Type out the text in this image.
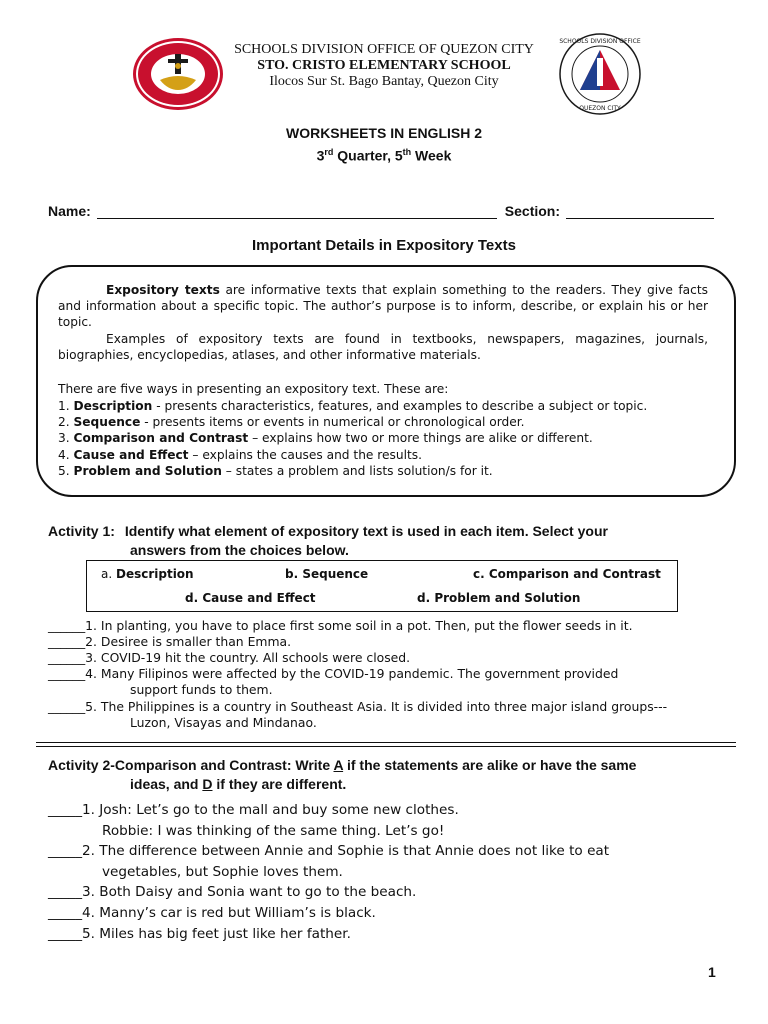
SCHOOLS DIVISION OFFICE
QUEZON CITY
SCHOOLS DIVISION OFFICE OF QUEZON CITY
STO. CRISTO ELEMENTARY SCHOOL
Ilocos Sur St. Bago Bantay, Quezon City
WORKSHEETS IN ENGLISH 2
3rd Quarter, 5th Week
Name:	Section:
Important Details in Expository Texts
Expository texts are informative texts that explain something to the readers. They give facts and information about a specific topic. The author’s purpose is to inform, describe, or explain his or her topic.
Examples of expository texts are found in textbooks, newspapers, magazines, journals, biographies, encyclopedias, atlases, and other informative materials.
There are five ways in presenting an expository text. These are:
1. Description - presents characteristics, features, and examples to describe a subject or topic.
2. Sequence - presents items or events in numerical or chronological order.
3. Comparison and Contrast – explains how two or more things are alike or different.
4. Cause and Effect – explains the causes and the results.
5. Problem and Solution – states a problem and lists solution/s for it.
Activity 1: Identify what element of expository text is used in each item. Select your
answers from the choices below.
a. Description	b. Sequence	c. Comparison and Contrast
d. Cause and Effect	d. Problem and Solution
______1. In planting, you have to place first some soil in a pot. Then, put the flower seeds in it.
______2. Desiree is smaller than Emma.
______3. COVID-19 hit the country. All schools were closed.
______4. Many Filipinos were affected by the COVID-19 pandemic. The government provided
support funds to them.
______5. The Philippines is a country in Southeast Asia. It is divided into three major island groups---
Luzon, Visayas and Mindanao.
Activity 2-Comparison and Contrast: Write A if the statements are alike or have the same
ideas, and D if they are different.
_____1. Josh: Let’s go to the mall and buy some new clothes.
Robbie: I was thinking of the same thing. Let’s go!
_____2. The difference between Annie and Sophie is that Annie does not like to eat
vegetables, but Sophie loves them.
_____3. Both Daisy and Sonia want to go to the beach.
_____4. Manny’s car is red but William’s is black.
_____5. Miles has big feet just like her father.
1
